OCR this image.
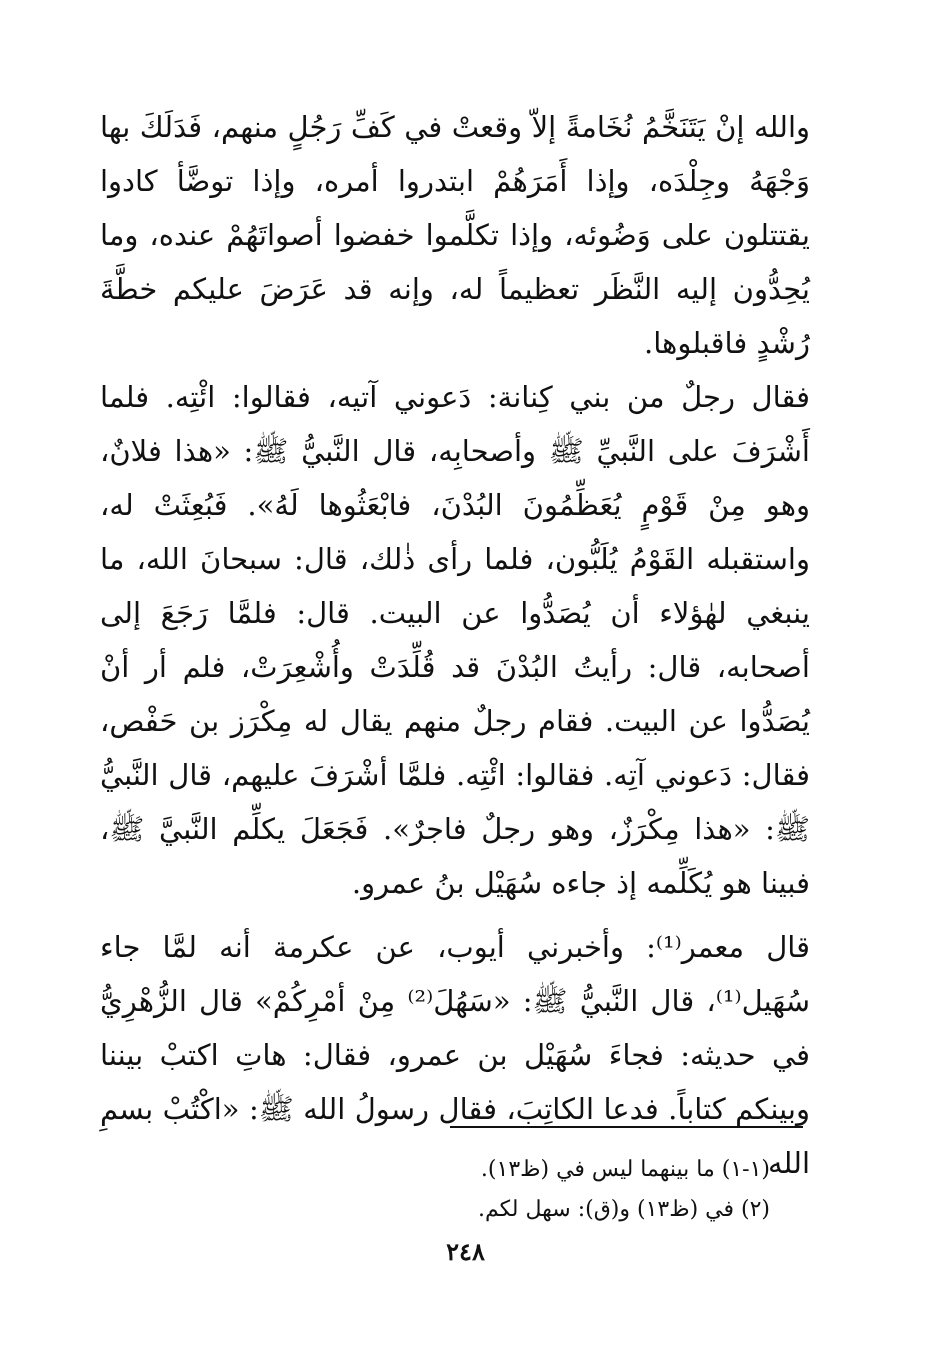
والله إنْ يَتَنَخَّمُ نُخَامةً إلاّ وقعتْ في كَفِّ رَجُلٍ منهم، فَدَلَكَ بها وَجْهَهُ وجِلْدَه، وإذا أَمَرَهُمْ ابتدروا أمره، وإذا توضَّأ كادوا يقتتلون على وَضُوئه، وإذا تكلَّموا خفضوا أصواتَهُمْ عنده، وما يُحِدُّون إليه النَّظَر تعظيماً له، وإنه قد عَرَضَ عليكم خطَّةَ رُشْدٍ فاقبلوها.

فقال رجلٌ من بني كِنانة: دَعوني آتيه، فقالوا: ائْتِه. فلما أَشْرَفَ على النَّبيِّ ﷺ وأصحابِه، قال النَّبيُّ ﷺ: «هذا فلانٌ، وهو مِنْ قَوْمٍ يُعَظِّمُونَ البُدْنَ، فابْعَثُوها لَهُ». فَبُعِثَتْ له، واستقبله القَوْمُ يُلَبُّون، فلما رأى ذٰلك، قال: سبحانَ الله، ما ينبغي لهٰؤلاء أن يُصَدُّوا عن البيت. قال: فلمَّا رَجَعَ إلى أصحابه، قال: رأيتُ البُدْنَ قد قُلِّدَتْ وأُشْعِرَتْ، فلم أر أنْ يُصَدُّوا عن البيت. فقام رجلٌ منهم يقال له مِكْرَز بن حَفْص، فقال: دَعوني آتِه. فقالوا: ائْتِه. فلمَّا أشْرَفَ عليهم، قال النَّبيُّ ﷺ: «هذا مِكْرَزٌ، وهو رجلٌ فاجرٌ». فَجَعَلَ يكلِّم النَّبيَّ ﷺ، فبينا هو يُكَلِّمه إذ جاءه سُهَيْل بنُ عمرو.

قال معمر⁽¹⁾: وأخبرني أيوب، عن عكرمة أنه لمَّا جاء سُهَيل⁽¹⁾، قال النَّبيُّ ﷺ: «سَهُلَ⁽²⁾ مِنْ أمْرِكُمْ» قال الزُّهْرِيُّ في حديثه: فجاءَ سُهَيْل بن عمرو، فقال: هاتِ اكتبْ بيننا وبينكم كتاباً. فدعا الكاتِبَ، فقال رسولُ الله ﷺ: «اكْتُبْ بسمِ الله

(١-١) ما بينهما ليس في (ظ١٣).

(٢) في (ظ١٣) و(ق): سهل لكم.

٢٤٨
